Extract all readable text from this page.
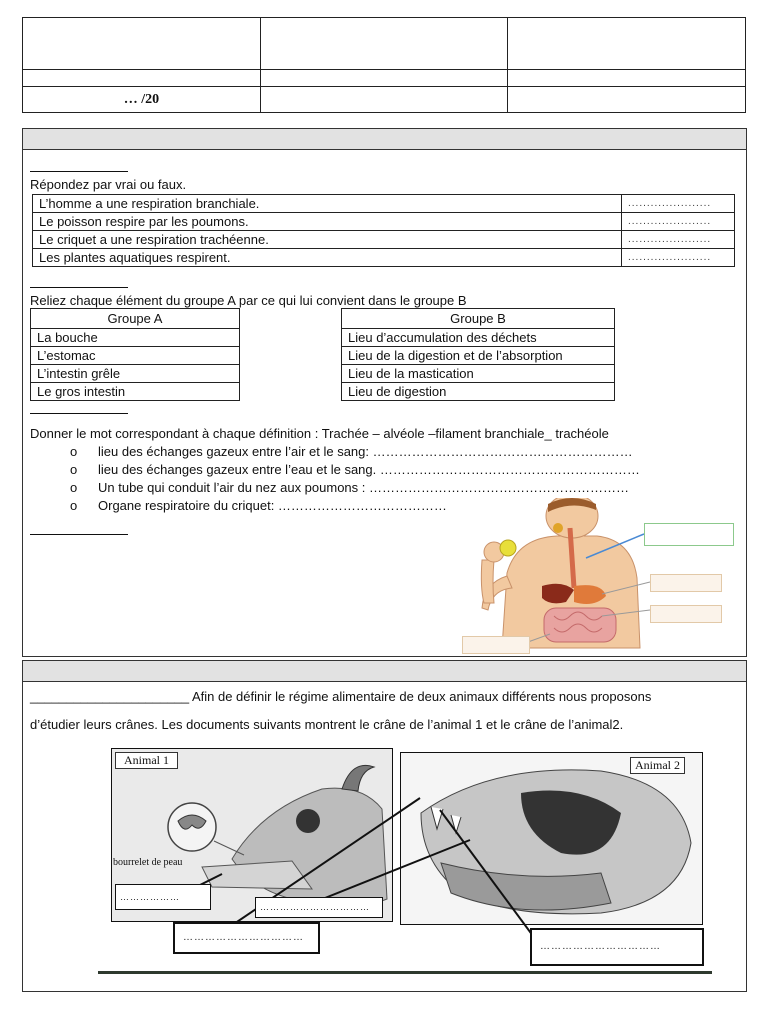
… /20		
Répondez par vrai ou faux.
L’homme a une respiration branchiale.	......................
Le poisson respire par les poumons.	......................
Le criquet a une respiration trachéenne.	......................
Les plantes aquatiques respirent.	......................
Reliez chaque élément du groupe A par ce qui lui convient dans le groupe B
Groupe A
La bouche
L’estomac
L’intestin grêle
Le gros intestin
Groupe B
Lieu d’accumulation des déchets
Lieu de la digestion et de l’absorption
Lieu de la mastication
Lieu de digestion
Donner le mot correspondant à chaque définition : Trachée – alvéole –filament branchiale_ trachéole
o lieu des échanges gazeux entre l’air et le sang: ……………………………………………………
o lieu des échanges gazeux entre l’eau et le sang. ……………………………………………………
o Un tube qui conduit l’air du nez aux poumons : ……………………………………………………
o Organe respiratoire du criquet: …………………………………
______________________ Afin de définir le régime alimentaire de deux animaux différents nous proposons
d’étudier leurs crânes. Les documents suivants montrent le crâne de l’animal 1 et le crâne de l’animal2.
Animal 1
bourrelet de peau
Animal 2
………………
……………………………
……………………………
……………………………
